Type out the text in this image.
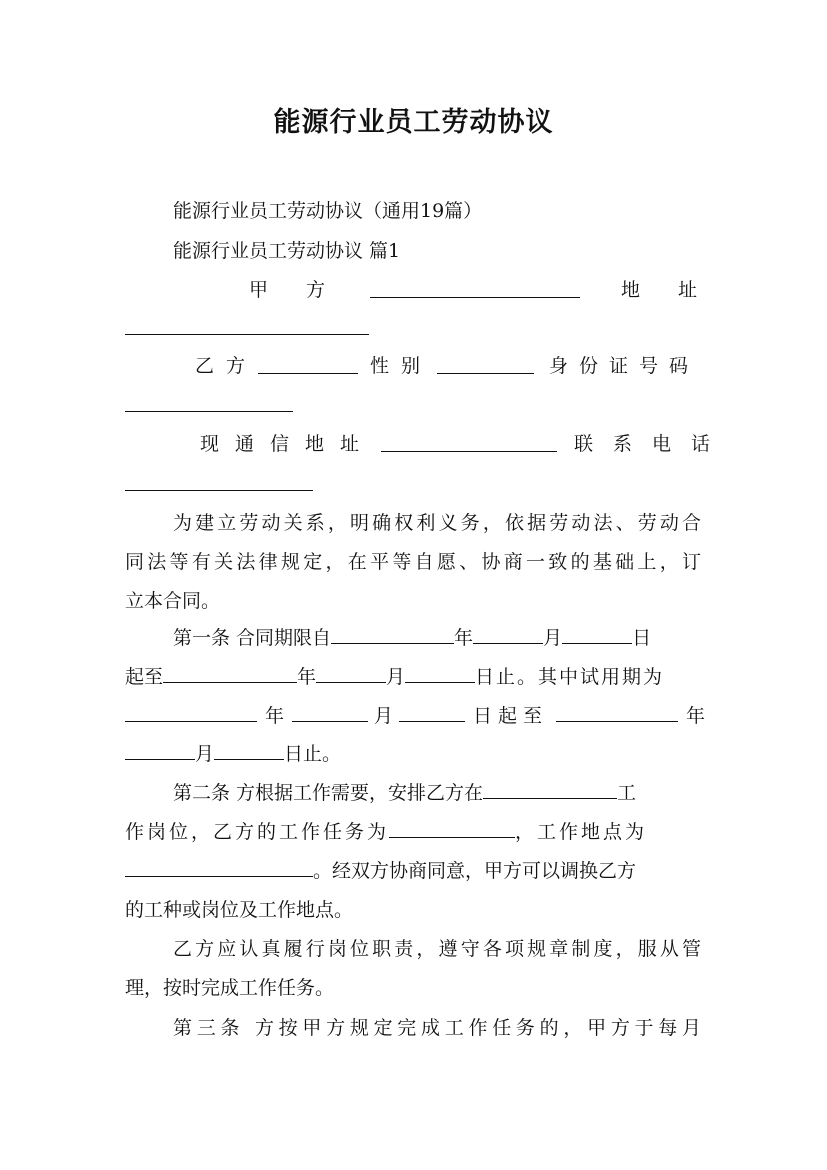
能源行业员工劳动协议
能源行业员工劳动协议（通用19篇）
能源行业员工劳动协议 篇1
甲方	地址
乙方	性别	身份证号码
现通信地址	联系电话
为建立劳动关系，明确权利义务，依据劳动法、劳动合
同法等有关法律规定，在平等自愿、协商一致的基础上，订
立本合同。
第一条 合同期限自	年	月	日
起至	年	月	日止。其中试用期为
年	月	日起至	年
月	日止。
第二条 方根据工作需要，安排乙方在	工
作岗位，乙方的工作任务为	，工作地点为
。经双方协商同意，甲方可以调换乙方
的工种或岗位及工作地点。
乙方应认真履行岗位职责，遵守各项规章制度，服从管
理，按时完成工作任务。
第三条 方按甲方规定完成工作任务的，甲方于每月
